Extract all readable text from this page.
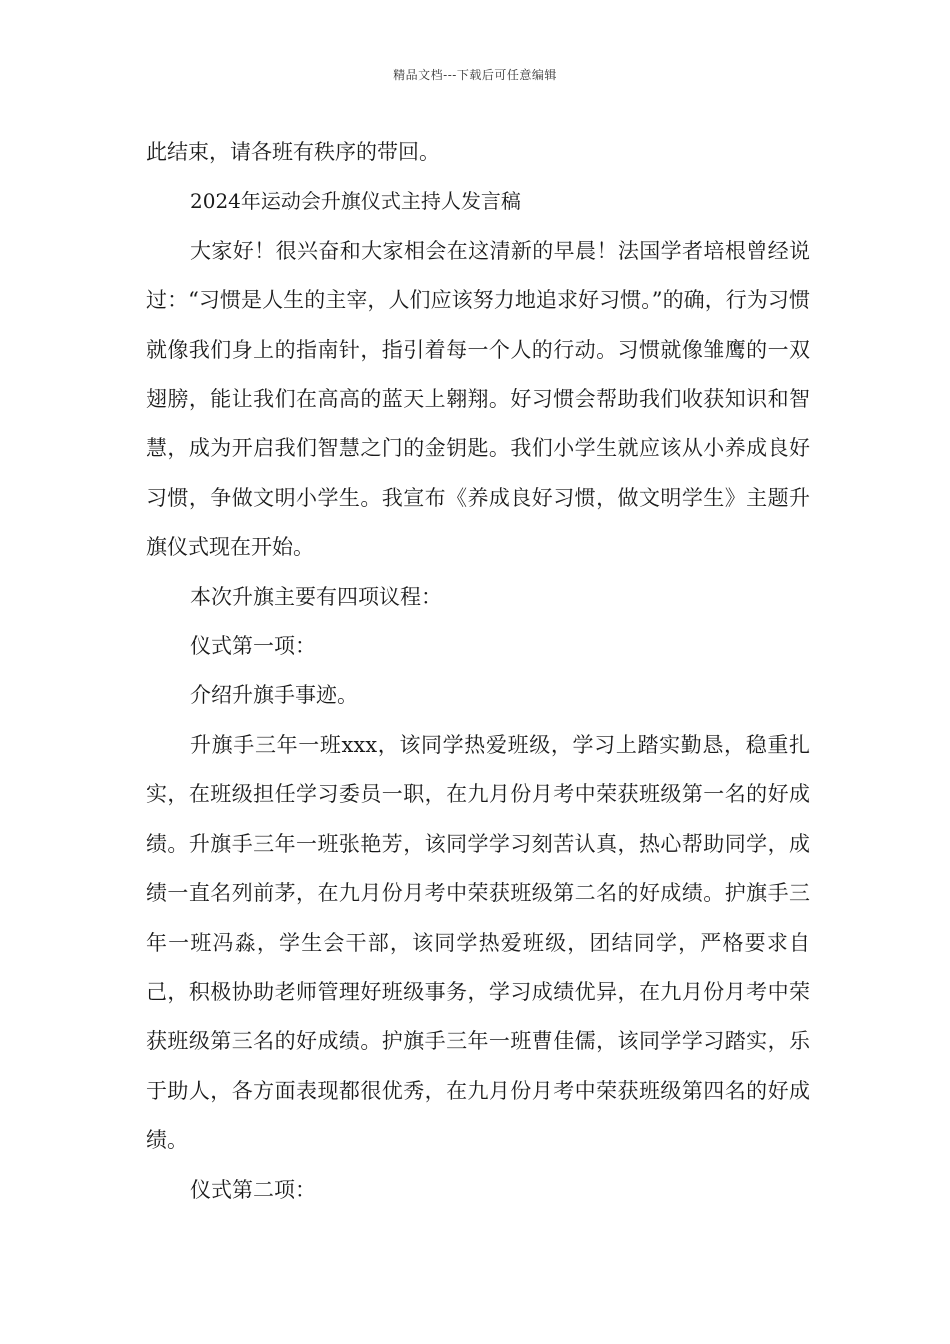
精品文档---下载后可任意编辑

此结束，请各班有秩序的带回。

2024年运动会升旗仪式主持人发言稿

大家好！很兴奋和大家相会在这清新的早晨！法国学者培根曾经说过：“习惯是人生的主宰，人们应该努力地追求好习惯。”的确，行为习惯就像我们身上的指南针，指引着每一个人的行动。习惯就像雏鹰的一双翅膀，能让我们在高高的蓝天上翱翔。好习惯会帮助我们收获知识和智慧，成为开启我们智慧之门的金钥匙。我们小学生就应该从小养成良好习惯，争做文明小学生。我宣布《养成良好习惯，做文明学生》主题升旗仪式现在开始。

本次升旗主要有四项议程：

仪式第一项：

介绍升旗手事迹。

升旗手三年一班xxx，该同学热爱班级，学习上踏实勤恳，稳重扎实，在班级担任学习委员一职，在九月份月考中荣获班级第一名的好成绩。升旗手三年一班张艳芳，该同学学习刻苦认真，热心帮助同学，成绩一直名列前茅，在九月份月考中荣获班级第二名的好成绩。护旗手三年一班冯淼，学生会干部，该同学热爱班级，团结同学，严格要求自己，积极协助老师管理好班级事务，学习成绩优异，在九月份月考中荣获班级第三名的好成绩。护旗手三年一班曹佳儒，该同学学习踏实，乐于助人，各方面表现都很优秀，在九月份月考中荣获班级第四名的好成绩。

仪式第二项：
